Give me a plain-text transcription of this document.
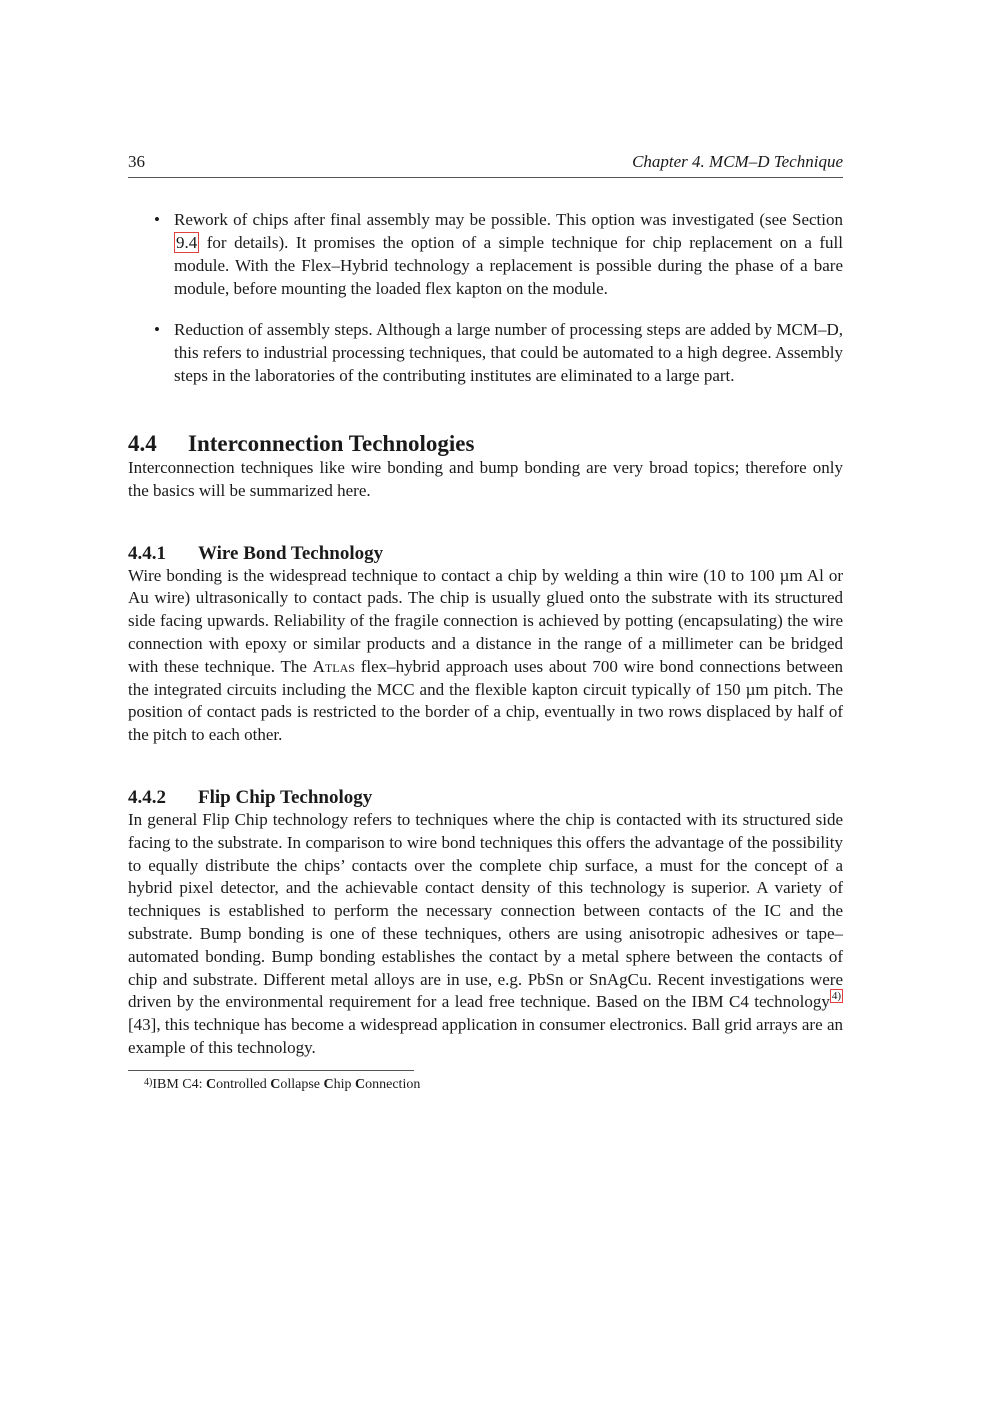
36	Chapter 4. MCM–D Technique
• Rework of chips after final assembly may be possible. This option was investigated (see Section 9.4 for details). It promises the option of a simple technique for chip replacement on a full module. With the Flex–Hybrid technology a replacement is possible during the phase of a bare module, before mounting the loaded flex kapton on the module.
• Reduction of assembly steps. Although a large number of processing steps are added by MCM–D, this refers to industrial processing techniques, that could be automated to a high degree. Assembly steps in the laboratories of the contributing institutes are eliminated to a large part.
4.4	Interconnection Technologies

Interconnection techniques like wire bonding and bump bonding are very broad topics; therefore only the basics will be summarized here.

4.4.1	Wire Bond Technology

Wire bonding is the widespread technique to contact a chip by welding a thin wire (10 to 100 µm Al or Au wire) ultrasonically to contact pads. The chip is usually glued onto the substrate with its structured side facing upwards. Reliability of the fragile connection is achieved by potting (encapsulating) the wire connection with epoxy or similar products and a distance in the range of a millimeter can be bridged with these technique. The Atlas flex–hybrid approach uses about 700 wire bond connections between the integrated circuits including the MCC and the flexible kapton circuit typically of 150 µm pitch. The position of contact pads is restricted to the border of a chip, eventually in two rows displaced by half of the pitch to each other.

4.4.2	Flip Chip Technology

In general Flip Chip technology refers to techniques where the chip is contacted with its structured side facing to the substrate. In comparison to wire bond techniques this offers the advantage of the possibility to equally distribute the chips’ contacts over the complete chip surface, a must for the concept of a hybrid pixel detector, and the achievable contact density of this technology is superior. A variety of techniques is established to perform the necessary connection between contacts of the IC and the substrate. Bump bonding is one of these techniques, others are using anisotropic adhesives or tape–automated bonding. Bump bonding establishes the contact by a metal sphere between the contacts of chip and substrate. Different metal alloys are in use, e.g. PbSn or SnAgCu. Recent investigations were driven by the environmental requirement for a lead free technique. Based on the IBM C4 technology $^{4)}$ [43], this technique has become a widespread application in consumer electronics. Ball grid arrays are an example of this technology.

$^{4)}$IBM C4: Controlled Collapse Chip Connection
